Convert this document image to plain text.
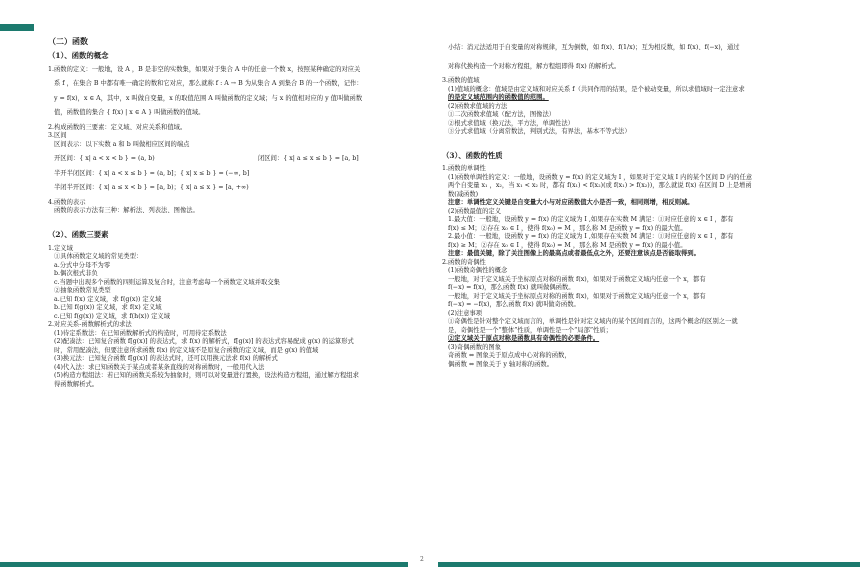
（二）函数

（1）、函数的概念

1.函数的定义：一般地，设 A ，B 是非空的实数集，如果对于集合 A 中的任意一个数 x，按照某种确定的对应关

系 f ，在集合 B 中都有唯一确定的数和它对应，那么就称 f : A → B 为从集合 A 到集合 B 的一个函数，记作：

y = f(x)，x ∈ A，其中，x 叫做自变量，x 的取值范围 A 叫做函数的定义域；与 x 的值相对应的 y 值叫做函数

值，函数值的集合 { f(x) | x ∈ A } 叫做函数的值域。

2.构成函数的三要素：定义域、对应关系和值域。

3.区间

区间表示：以下实数 a 和 b 叫做相应区间的端点

开区间：{ x| a < x < b } = (a, b)	闭区间：{ x| a ≤ x ≤ b } = [a, b]

半开半闭区间：{ x| a < x ≤ b } = (a, b]；{ x| x ≤ b } = (−∞, b]

半闭半开区间：{ x| a ≤ x < b } = [a, b)；{ x| a ≤ x } = [a, +∞)

4.函数的表示

函数的表示方法有三种：解析法、列表法、图像法。

（2）、函数三要素

1.定义域

①具体函数定义域的常见类型：

a.分式中分母不为零

b.偶次根式非负

c.当题中出现多个函数的四则运算及复合时，注意考虑每一个函数定义域并取交集

②抽象函数常见类型

a.已知 f(x) 定义域，求 f(g(x)) 定义域

b.已知 f(g(x)) 定义域，求 f(x) 定义域

c.已知 f(g(x)) 定义域，求 f(h(x)) 定义域

2.对应关系-函数解析式的求法

(1)待定系数法：在已知函数解析式的构造时，可用待定系数法

(2)配凑法：已知复合函数 f[g(x)] 的表达式，求 f(x) 的解析式，f[g(x)] 的表达式容易配成 g(x) 的运算形式

时，常用配凑法，但要注意所求函数 f(x) 的定义域不是原复合函数的定义域，而是 g(x) 的值域

(3)换元法：已知复合函数 f[g(x)] 的表达式时，还可以用换元法求 f(x) 的解析式

(4)代入法：求已知函数关于某点或者某条直线的对称函数时，一般用代入法

(5)构造方程组法：若已知的函数关系较为抽象时，则可以对变量进行置换，设法构造方程组，通过解方程组求

得函数解析式。

小结：消元法适用于自变量的对称规律，互为倒数，如 f(x)、f(1/x)；互为相反数，如 f(x)、f(−x)，通过

对称代换构造一个对称方程组，解方程组即得 f(x) 的解析式。

3.函数的值域

(1)值域的概念：值域是由定义域和对应关系 f（共同作用的结果，是个被动变量，所以求值域时一定注意求

的是定义域范围内的函数值的范围。

(2)函数求值域的方法

①二次函数求值域（配方法，图像法）

②根式求值域（换元法，平方法，单调性法）

③分式求值域（分离常数法，判别式法，有界法，基本不等式法）

（3）、函数的性质

1.函数的单调性

(1)函数单调性的定义：一般地，设函数 y = f(x) 的定义域为 I ，如果对于定义域 I 内的某个区间 D 内的任意

两个自变量 x₁ ，x₂，当 x₁ < x₂ 时，都有 f(x₁) < f(x₂)(或 f(x₁) > f(x₂))，那么就说 f(x) 在区间 D 上是增函

数(减函数)

注意：单调性定义关键是自变量大小与对应函数值大小是否一致，相同则增，相反则减。

(2)函数最值的定义

1.最大值：一般地，设函数 y = f(x) 的定义域为 I ,如果存在实数 M 满足：①对应任意的 x ∈ I ，都有

f(x) ≤ M；②存在 x₀ ∈ I ，使得 f(x₀) = M ，那么称 M 是函数 y = f(x) 的最大值。

2.最小值：一般地，设函数 y = f(x) 的定义域为 I ,如果存在实数 M 满足：①对应任意的 x ∈ I ，都有

f(x) ≥ M；②存在 x₀ ∈ I ，使得 f(x₀) = M ，那么称 M 是函数 y = f(x) 的最小值。

注意：最值关键，除了关注图像上的最高点或者最低点之外，还要注意该点是否能取得到。

2.函数的奇偶性

(1)函数奇偶性的概念

一般地，对于定义域关于坐标原点对称的函数 f(x)，如果对于函数定义域内任意一个 x，都有

f(−x) = f(x)，那么函数 f(x) 就叫做偶函数。

一般地，对于定义域关于坐标原点对称的函数 f(x)，如果对于函数定义域内任意一个 x，都有

f(−x) = −f(x)，那么函数 f(x) 就叫做奇函数。

(2)注意事项

①奇偶性是针对整个定义域而言的，单调性是针对定义域内的某个区间而言的，这两个概念的区别之一就

是，奇偶性是一个“整体”性质，单调性是一个“局部”性质；

②定义域关于原点对称是函数具有奇偶性的必要条件。

(3)奇偶函数的图象

奇函数 ⇔ 图象关于原点成中心对称的函数，

偶函数 ⇔ 图象关于 y 轴对称的函数。

2
